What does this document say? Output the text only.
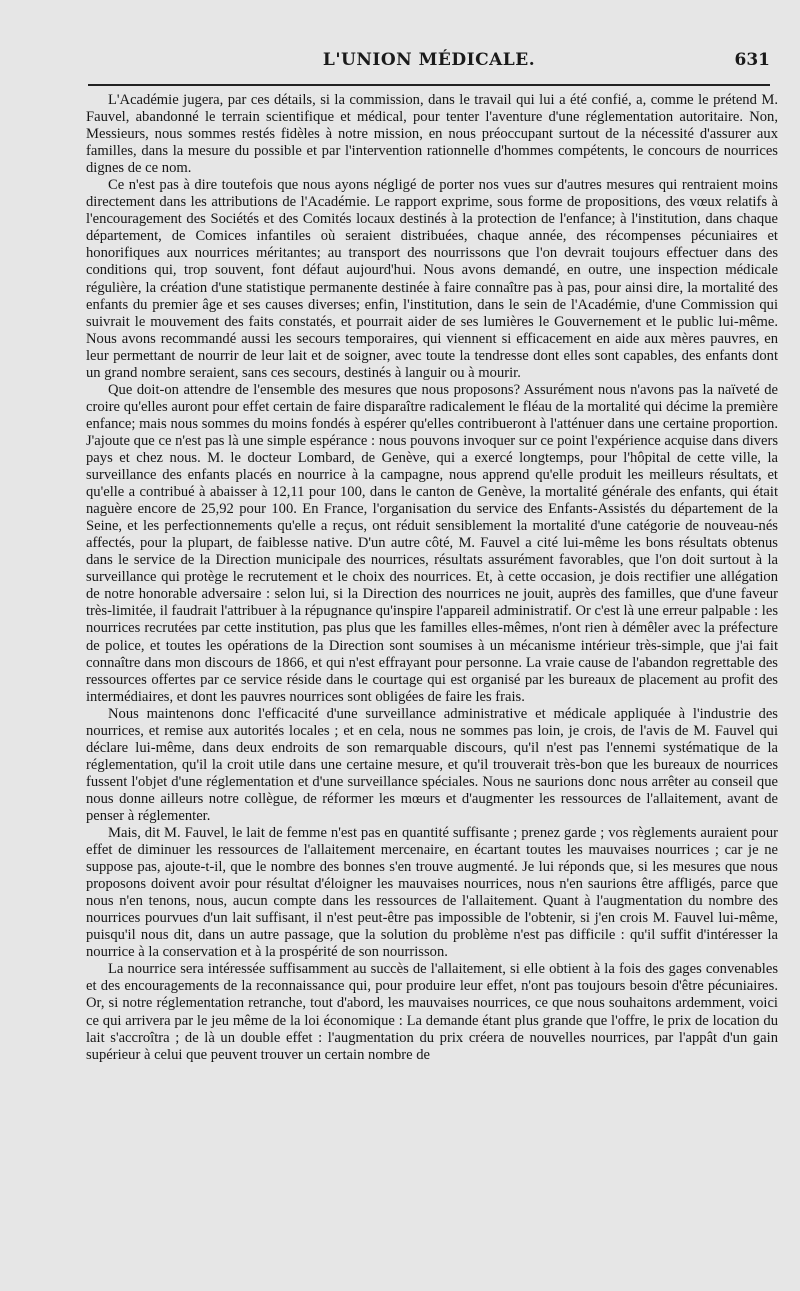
L'UNION MÉDICALE.	631

L'Académie jugera, par ces détails, si la commission, dans le travail qui lui a été confié, a, comme le prétend M. Fauvel, abandonné le terrain scientifique et médical, pour tenter l'aventure d'une réglementation autoritaire. Non, Messieurs, nous sommes restés fidèles à notre mission, en nous préoccupant surtout de la nécessité d'assurer aux familles, dans la mesure du possible et par l'intervention rationnelle d'hommes compétents, le concours de nourrices dignes de ce nom.

Ce n'est pas à dire toutefois que nous ayons négligé de porter nos vues sur d'autres mesures qui rentraient moins directement dans les attributions de l'Académie. Le rapport exprime, sous forme de propositions, des vœux relatifs à l'encouragement des Sociétés et des Comités locaux destinés à la protection de l'enfance; à l'institution, dans chaque département, de Comices infantiles où seraient distribuées, chaque année, des récompenses pécuniaires et honorifiques aux nourrices méritantes; au transport des nourrissons que l'on devrait toujours effectuer dans des conditions qui, trop souvent, font défaut aujourd'hui. Nous avons demandé, en outre, une inspection médicale régulière, la création d'une statistique permanente destinée à faire connaître pas à pas, pour ainsi dire, la mortalité des enfants du premier âge et ses causes diverses; enfin, l'institution, dans le sein de l'Académie, d'une Commission qui suivrait le mouvement des faits constatés, et pourrait aider de ses lumières le Gouvernement et le public lui-même. Nous avons recommandé aussi les secours temporaires, qui viennent si efficacement en aide aux mères pauvres, en leur permettant de nourrir de leur lait et de soigner, avec toute la tendresse dont elles sont capables, des enfants dont un grand nombre seraient, sans ces secours, destinés à languir ou à mourir.

Que doit-on attendre de l'ensemble des mesures que nous proposons? Assurément nous n'avons pas la naïveté de croire qu'elles auront pour effet certain de faire disparaître radicalement le fléau de la mortalité qui décime la première enfance; mais nous sommes du moins fondés à espérer qu'elles contribueront à l'atténuer dans une certaine proportion. J'ajoute que ce n'est pas là une simple espérance : nous pouvons invoquer sur ce point l'expérience acquise dans divers pays et chez nous. M. le docteur Lombard, de Genève, qui a exercé longtemps, pour l'hôpital de cette ville, la surveillance des enfants placés en nourrice à la campagne, nous apprend qu'elle produit les meilleurs résultats, et qu'elle a contribué à abaisser à 12,11 pour 100, dans le canton de Genève, la mortalité générale des enfants, qui était naguère encore de 25,92 pour 100. En France, l'organisation du service des Enfants-Assistés du département de la Seine, et les perfectionnements qu'elle a reçus, ont réduit sensiblement la mortalité d'une catégorie de nouveau-nés affectés, pour la plupart, de faiblesse native. D'un autre côté, M. Fauvel a cité lui-même les bons résultats obtenus dans le service de la Direction municipale des nourrices, résultats assurément favorables, que l'on doit surtout à la surveillance qui protège le recrutement et le choix des nourrices. Et, à cette occasion, je dois rectifier une allégation de notre honorable adversaire : selon lui, si la Direction des nourrices ne jouit, auprès des familles, que d'une faveur très-limitée, il faudrait l'attribuer à la répugnance qu'inspire l'appareil administratif. Or c'est là une erreur palpable : les nourrices recrutées par cette institution, pas plus que les familles elles-mêmes, n'ont rien à démêler avec la préfecture de police, et toutes les opérations de la Direction sont soumises à un mécanisme intérieur très-simple, que j'ai fait connaître dans mon discours de 1866, et qui n'est effrayant pour personne. La vraie cause de l'abandon regrettable des ressources offertes par ce service réside dans le courtage qui est organisé par les bureaux de placement au profit des intermédiaires, et dont les pauvres nourrices sont obligées de faire les frais.

Nous maintenons donc l'efficacité d'une surveillance administrative et médicale appliquée à l'industrie des nourrices, et remise aux autorités locales ; et en cela, nous ne sommes pas loin, je crois, de l'avis de M. Fauvel qui déclare lui-même, dans deux endroits de son remarquable discours, qu'il n'est pas l'ennemi systématique de la réglementation, qu'il la croit utile dans une certaine mesure, et qu'il trouverait très-bon que les bureaux de nourrices fussent l'objet d'une réglementation et d'une surveillance spéciales. Nous ne saurions donc nous arrêter au conseil que nous donne ailleurs notre collègue, de réformer les mœurs et d'augmenter les ressources de l'allaitement, avant de penser à réglementer.

Mais, dit M. Fauvel, le lait de femme n'est pas en quantité suffisante ; prenez garde ; vos règlements auraient pour effet de diminuer les ressources de l'allaitement mercenaire, en écartant toutes les mauvaises nourrices ; car je ne suppose pas, ajoute-t-il, que le nombre des bonnes s'en trouve augmenté. Je lui réponds que, si les mesures que nous proposons doivent avoir pour résultat d'éloigner les mauvaises nourrices, nous n'en saurions être affligés, parce que nous n'en tenons, nous, aucun compte dans les ressources de l'allaitement. Quant à l'augmentation du nombre des nourrices pourvues d'un lait suffisant, il n'est peut-être pas impossible de l'obtenir, si j'en crois M. Fauvel lui-même, puisqu'il nous dit, dans un autre passage, que la solution du problème n'est pas difficile : qu'il suffit d'intéresser la nourrice à la conservation et à la prospérité de son nourrisson.

La nourrice sera intéressée suffisamment au succès de l'allaitement, si elle obtient à la fois des gages convenables et des encouragements de la reconnaissance qui, pour produire leur effet, n'ont pas toujours besoin d'être pécuniaires. Or, si notre réglementation retranche, tout d'abord, les mauvaises nourrices, ce que nous souhaitons ardemment, voici ce qui arrivera par le jeu même de la loi économique : La demande étant plus grande que l'offre, le prix de location du lait s'accroîtra ; de là un double effet : l'augmentation du prix créera de nouvelles nourrices, par l'appât d'un gain supérieur à celui que peuvent trouver un certain nombre de
